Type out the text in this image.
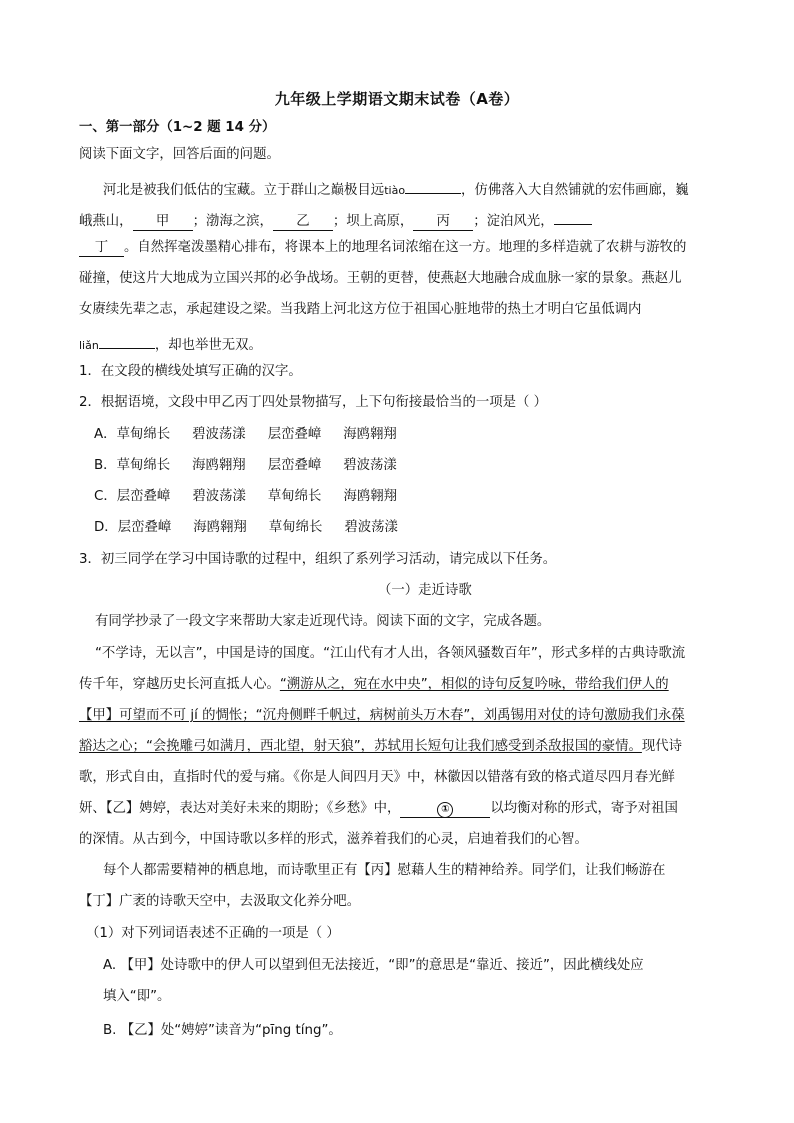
九年级上学期语文期末试卷（A卷）
一、第一部分（1~2 题 14 分）
阅读下面文字，回答后面的问题。
河北是被我们低估的宝藏。立于群山之巅极目远tiào	，仿佛落入大自然铺就的宏伟画廊，巍
峨燕山， 甲 ；渤海之滨， 乙 ；坝上高原， 丙 ；淀泊风光，
丁 。自然挥毫泼墨精心排布，将课本上的地理名词浓缩在这一方。地理的多样造就了农耕与游牧的
碰撞，使这片大地成为立国兴邦的必争战场。王朝的更替，使燕赵大地融合成血脉一家的景象。燕赵儿
女赓续先辈之志，承起建设之梁。当我踏上河北这方位于祖国心脏地带的热土才明白它虽低调内
liǎn	，却也举世无双。
1．在文段的横线处填写正确的汉字。
2．根据语境，文段中甲乙丙丁四处景物描写，上下句衔接最恰当的一项是（ ）
A．草甸绵长 碧波荡漾 层峦叠嶂 海鸥翱翔
B．草甸绵长 海鸥翱翔 层峦叠嶂 碧波荡漾
C．层峦叠嶂 碧波荡漾 草甸绵长 海鸥翱翔
D．层峦叠嶂 海鸥翱翔 草甸绵长 碧波荡漾
3．初三同学在学习中国诗歌的过程中，组织了系列学习活动，请完成以下任务。
（一）走近诗歌
有同学抄录了一段文字来帮助大家走近现代诗。阅读下面的文字，完成各题。
“不学诗，无以言”，中国是诗的国度。“江山代有才人出，各领风骚数百年”，形式多样的古典诗歌流
传千年，穿越历史长河直抵人心。“溯游从之，宛在水中央”，相似的诗句反复吟咏，带给我们伊人的
【甲】可望而不可 jí 的惆怅；“沉舟侧畔千帆过，病树前头万木春”，刘禹锡用对仗的诗句激励我们永葆
豁达之心；“会挽雕弓如满月，西北望，射天狼”，苏轼用长短句让我们感受到杀敌报国的豪情。现代诗
歌，形式自由，直指时代的爱与痛。《你是人间四月天》中，林徽因以错落有致的格式道尽四月春光鲜
妍、【乙】娉婷，表达对美好未来的期盼；《乡愁》中，	①	以均衡对称的形式，寄予对祖国
的深情。从古到今，中国诗歌以多样的形式，滋养着我们的心灵，启迪着我们的心智。
每个人都需要精神的栖息地，而诗歌里正有【丙】慰藉人生的精神给养。同学们，让我们畅游在
【丁】广袤的诗歌天空中，去汲取文化养分吧。
（1）对下列词语表述不正确的一项是（ ）
A. 【甲】处诗歌中的伊人可以望到但无法接近，“即”的意思是“靠近、接近”，因此横线处应
填入“即”。
B. 【乙】处“娉婷”读音为“pīng tíng”。
